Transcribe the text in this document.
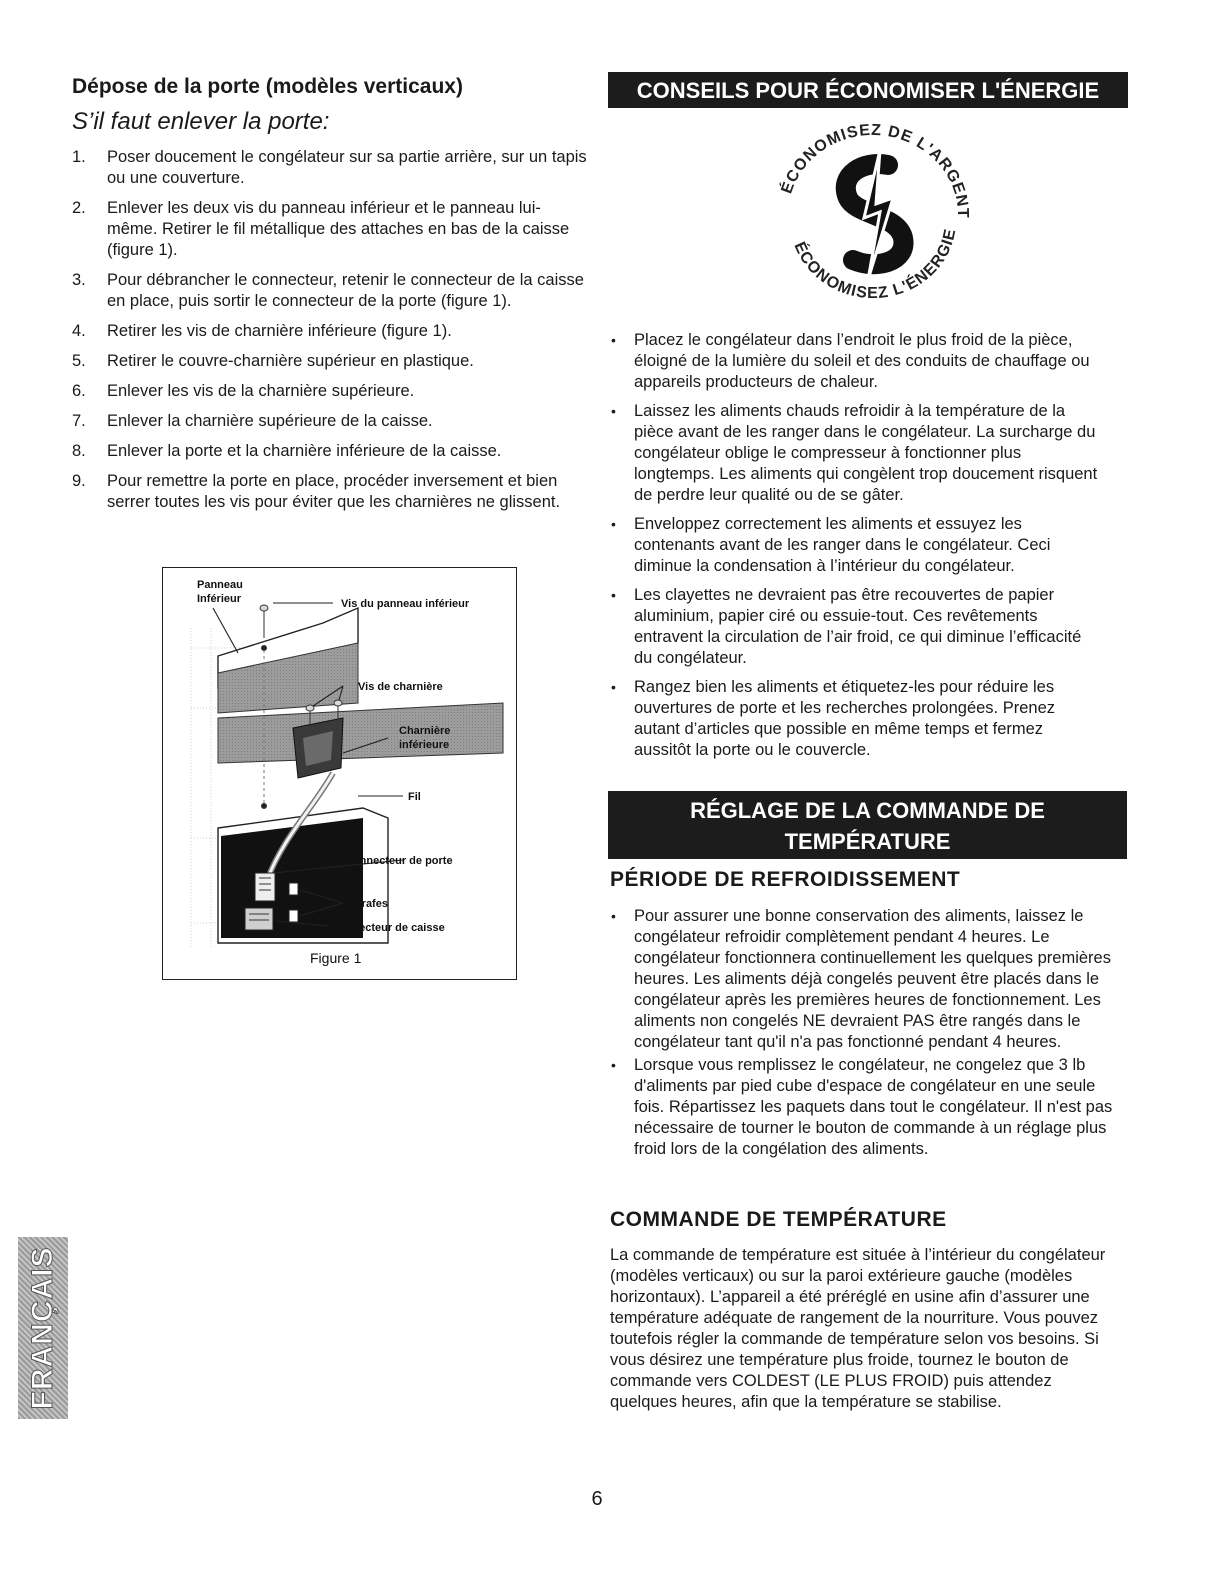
Dépose de la porte (modèles verticaux)
S’il faut enlever la porte:
1. Poser doucement le congélateur sur sa partie arrière, sur un tapis ou une couverture.
2. Enlever les deux vis du panneau inférieur et le panneau lui-même. Retirer le fil métallique des attaches en bas de la caisse (figure 1).
3. Pour débrancher le connecteur, retenir le connecteur de la caisse en place, puis sortir le connecteur de la porte (figure 1).
4. Retirer les vis de charnière inférieure (figure 1).
5. Retirer le couvre-charnière supérieur en plastique.
6. Enlever les vis de la charnière supérieure.
7. Enlever la charnière supérieure de la caisse.
8. Enlever la porte et la charnière inférieure de la caisse.
9. Pour remettre la porte en place, procéder inversement et bien serrer toutes les vis pour éviter que les charnières ne glissent.
Panneau
Inférieur	Vis du panneau inférieur
Vis de charnière
Charnière
inférieure
Fil
Connecteur de porte
Agrafes
Connecteur de caisse
Figure 1
FRANÇAIS
CONSEILS POUR ÉCONOMISER L'ÉNERGIE
ÉCONOMISEZ DE L'ARGENT
ÉCONOMISEZ L'ÉNERGIE
• Placez le congélateur dans l’endroit le plus froid de la pièce, éloigné de la lumière du soleil et des conduits de chauffage ou appareils producteurs de chaleur.
• Laissez les aliments chauds refroidir à la température de la pièce avant de les ranger dans le congélateur. La surcharge du congélateur oblige le compresseur à fonctionner plus longtemps. Les aliments qui congèlent trop doucement risquent de perdre leur qualité ou de se gâter.
• Enveloppez correctement les aliments et essuyez les contenants avant de les ranger dans le congélateur. Ceci diminue la condensation à l’intérieur du congélateur.
• Les clayettes ne devraient pas être recouvertes de papier aluminium, papier ciré ou essuie-tout. Ces revêtements entravent la circulation de l’air froid, ce qui diminue l’efficacité du congélateur.
• Rangez bien les aliments et étiquetez-les pour réduire les ouvertures de porte et les recherches prolongées. Prenez autant d’articles que possible en même temps et fermez aussitôt la porte ou le couvercle.
RÉGLAGE DE LA COMMANDE DE
TEMPÉRATURE
PÉRIODE DE REFROIDISSEMENT
• Pour assurer une bonne conservation des aliments, laissez le congélateur refroidir complètement pendant 4 heures. Le congélateur fonctionnera continuellement les quelques premières heures. Les aliments déjà congelés peuvent être placés dans le congélateur après les premières heures de fonctionnement. Les aliments non congelés NE devraient PAS être rangés dans le congélateur tant qu'il n'a pas fonctionné pendant 4 heures.
• Lorsque vous remplissez le congélateur, ne congelez que 3 lb d'aliments par pied cube d'espace de congélateur en une seule fois. Répartissez les paquets dans tout le congélateur. Il n'est pas nécessaire de tourner le bouton de commande à un réglage plus froid lors de la congélation des aliments.
COMMANDE DE TEMPÉRATURE
La commande de température est située à l’intérieur du congélateur (modèles verticaux) ou sur la paroi extérieure gauche (modèles horizontaux). L’appareil a été préréglé en usine afin d’assurer une température adéquate de rangement de la nourriture. Vous pouvez toutefois régler la commande de température selon vos besoins. Si vous désirez une température plus froide, tournez le bouton de commande vers COLDEST (LE PLUS FROID) puis attendez quelques heures, afin que la température se stabilise.
6
